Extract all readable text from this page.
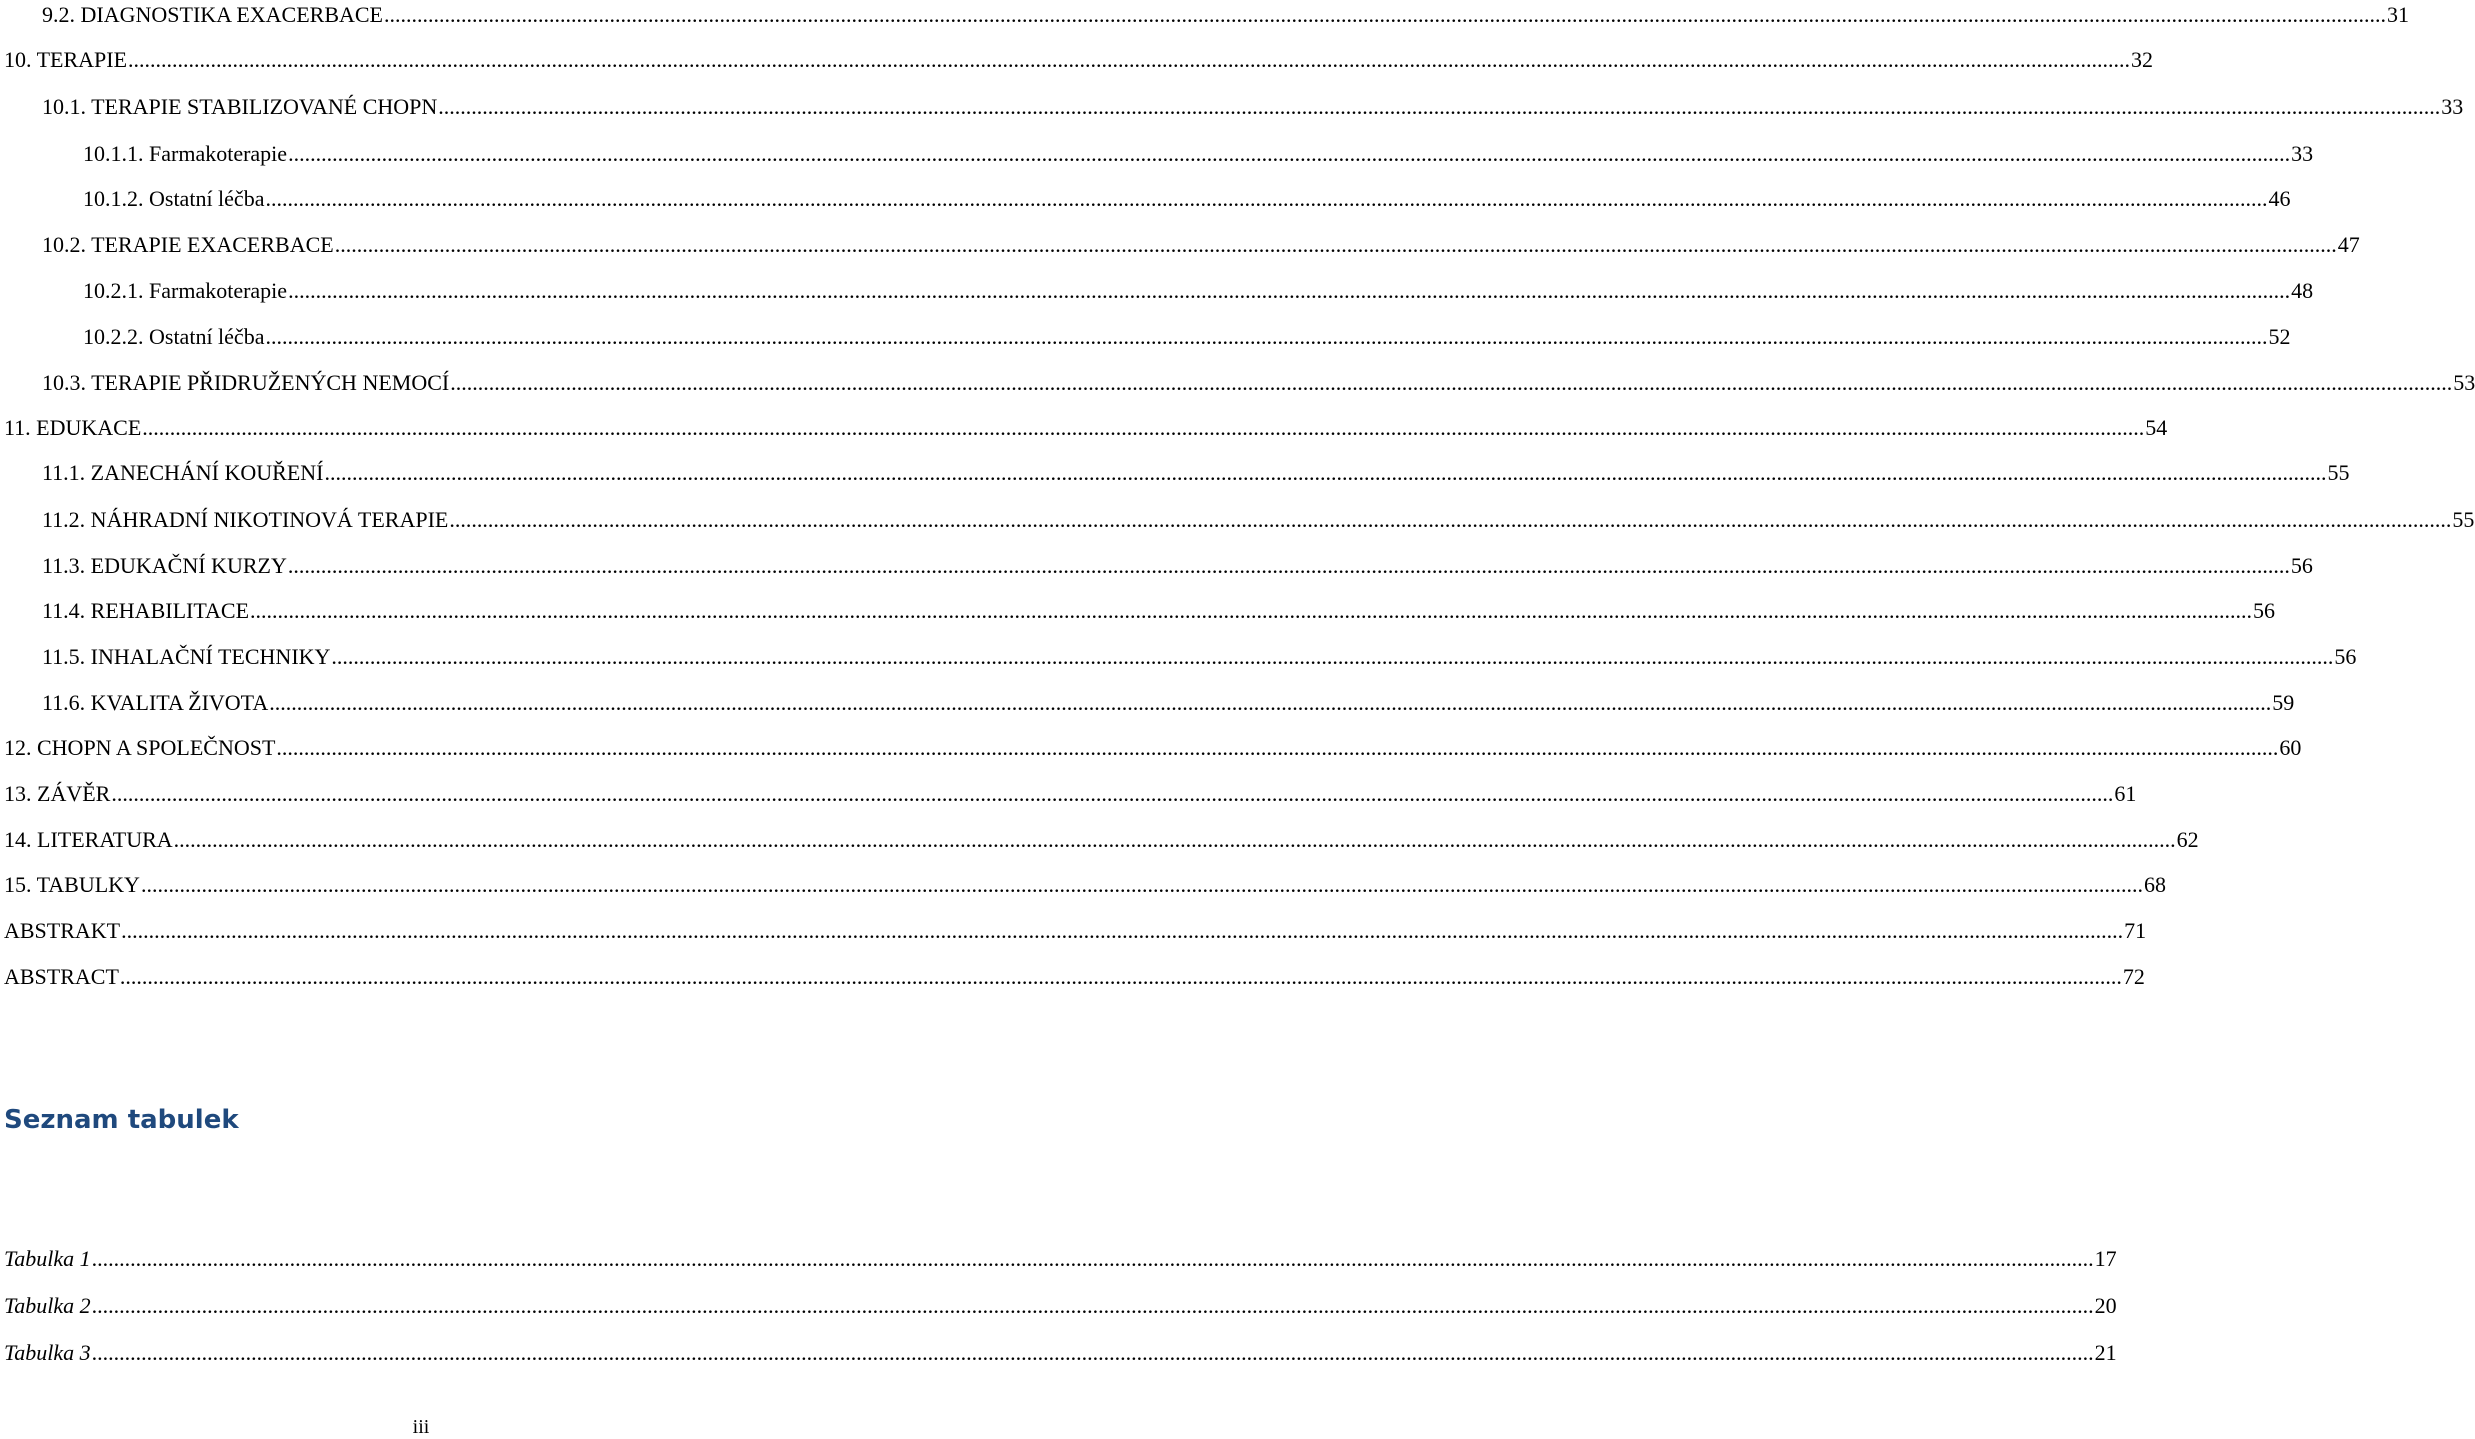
9.2. DIAGNOSTIKA EXACERBACE ............................................................................................................................................................................................................................................................................................................................................................................ 31
10. TERAPIE ............................................................................................................................................................................................................................................................................................................................................................................ 32
10.1. TERAPIE STABILIZOVANÉ CHOPN ............................................................................................................................................................................................................................................................................................................................................................................ 33
10.1.1. Farmakoterapie ............................................................................................................................................................................................................................................................................................................................................................................ 33
10.1.2. Ostatní léčba ............................................................................................................................................................................................................................................................................................................................................................................ 46
10.2. TERAPIE EXACERBACE ............................................................................................................................................................................................................................................................................................................................................................................ 47
10.2.1. Farmakoterapie ............................................................................................................................................................................................................................................................................................................................................................................ 48
10.2.2. Ostatní léčba ............................................................................................................................................................................................................................................................................................................................................................................ 52
10.3. TERAPIE PŘIDRUŽENÝCH NEMOCÍ ............................................................................................................................................................................................................................................................................................................................................................................ 53
11. EDUKACE ............................................................................................................................................................................................................................................................................................................................................................................ 54
11.1. ZANECHÁNÍ KOUŘENÍ ............................................................................................................................................................................................................................................................................................................................................................................ 55
11.2. NÁHRADNÍ NIKOTINOVÁ TERAPIE ............................................................................................................................................................................................................................................................................................................................................................................ 55
11.3. EDUKAČNÍ KURZY ............................................................................................................................................................................................................................................................................................................................................................................ 56
11.4. REHABILITACE ............................................................................................................................................................................................................................................................................................................................................................................ 56
11.5. INHALAČNÍ TECHNIKY ............................................................................................................................................................................................................................................................................................................................................................................ 56
11.6. KVALITA ŽIVOTA ............................................................................................................................................................................................................................................................................................................................................................................ 59
12. CHOPN A SPOLEČNOST ............................................................................................................................................................................................................................................................................................................................................................................ 60
13. ZÁVĚR ............................................................................................................................................................................................................................................................................................................................................................................ 61
14. LITERATURA ............................................................................................................................................................................................................................................................................................................................................................................ 62
15. TABULKY ............................................................................................................................................................................................................................................................................................................................................................................ 68
ABSTRAKT ............................................................................................................................................................................................................................................................................................................................................................................ 71
ABSTRACT ............................................................................................................................................................................................................................................................................................................................................................................ 72
Seznam tabulek
Tabulka 1 ............................................................................................................................................................................................................................................................................................................................................................................ 17
Tabulka 2 ............................................................................................................................................................................................................................................................................................................................................................................ 20
Tabulka 3 ............................................................................................................................................................................................................................................................................................................................................................................ 21
iii
